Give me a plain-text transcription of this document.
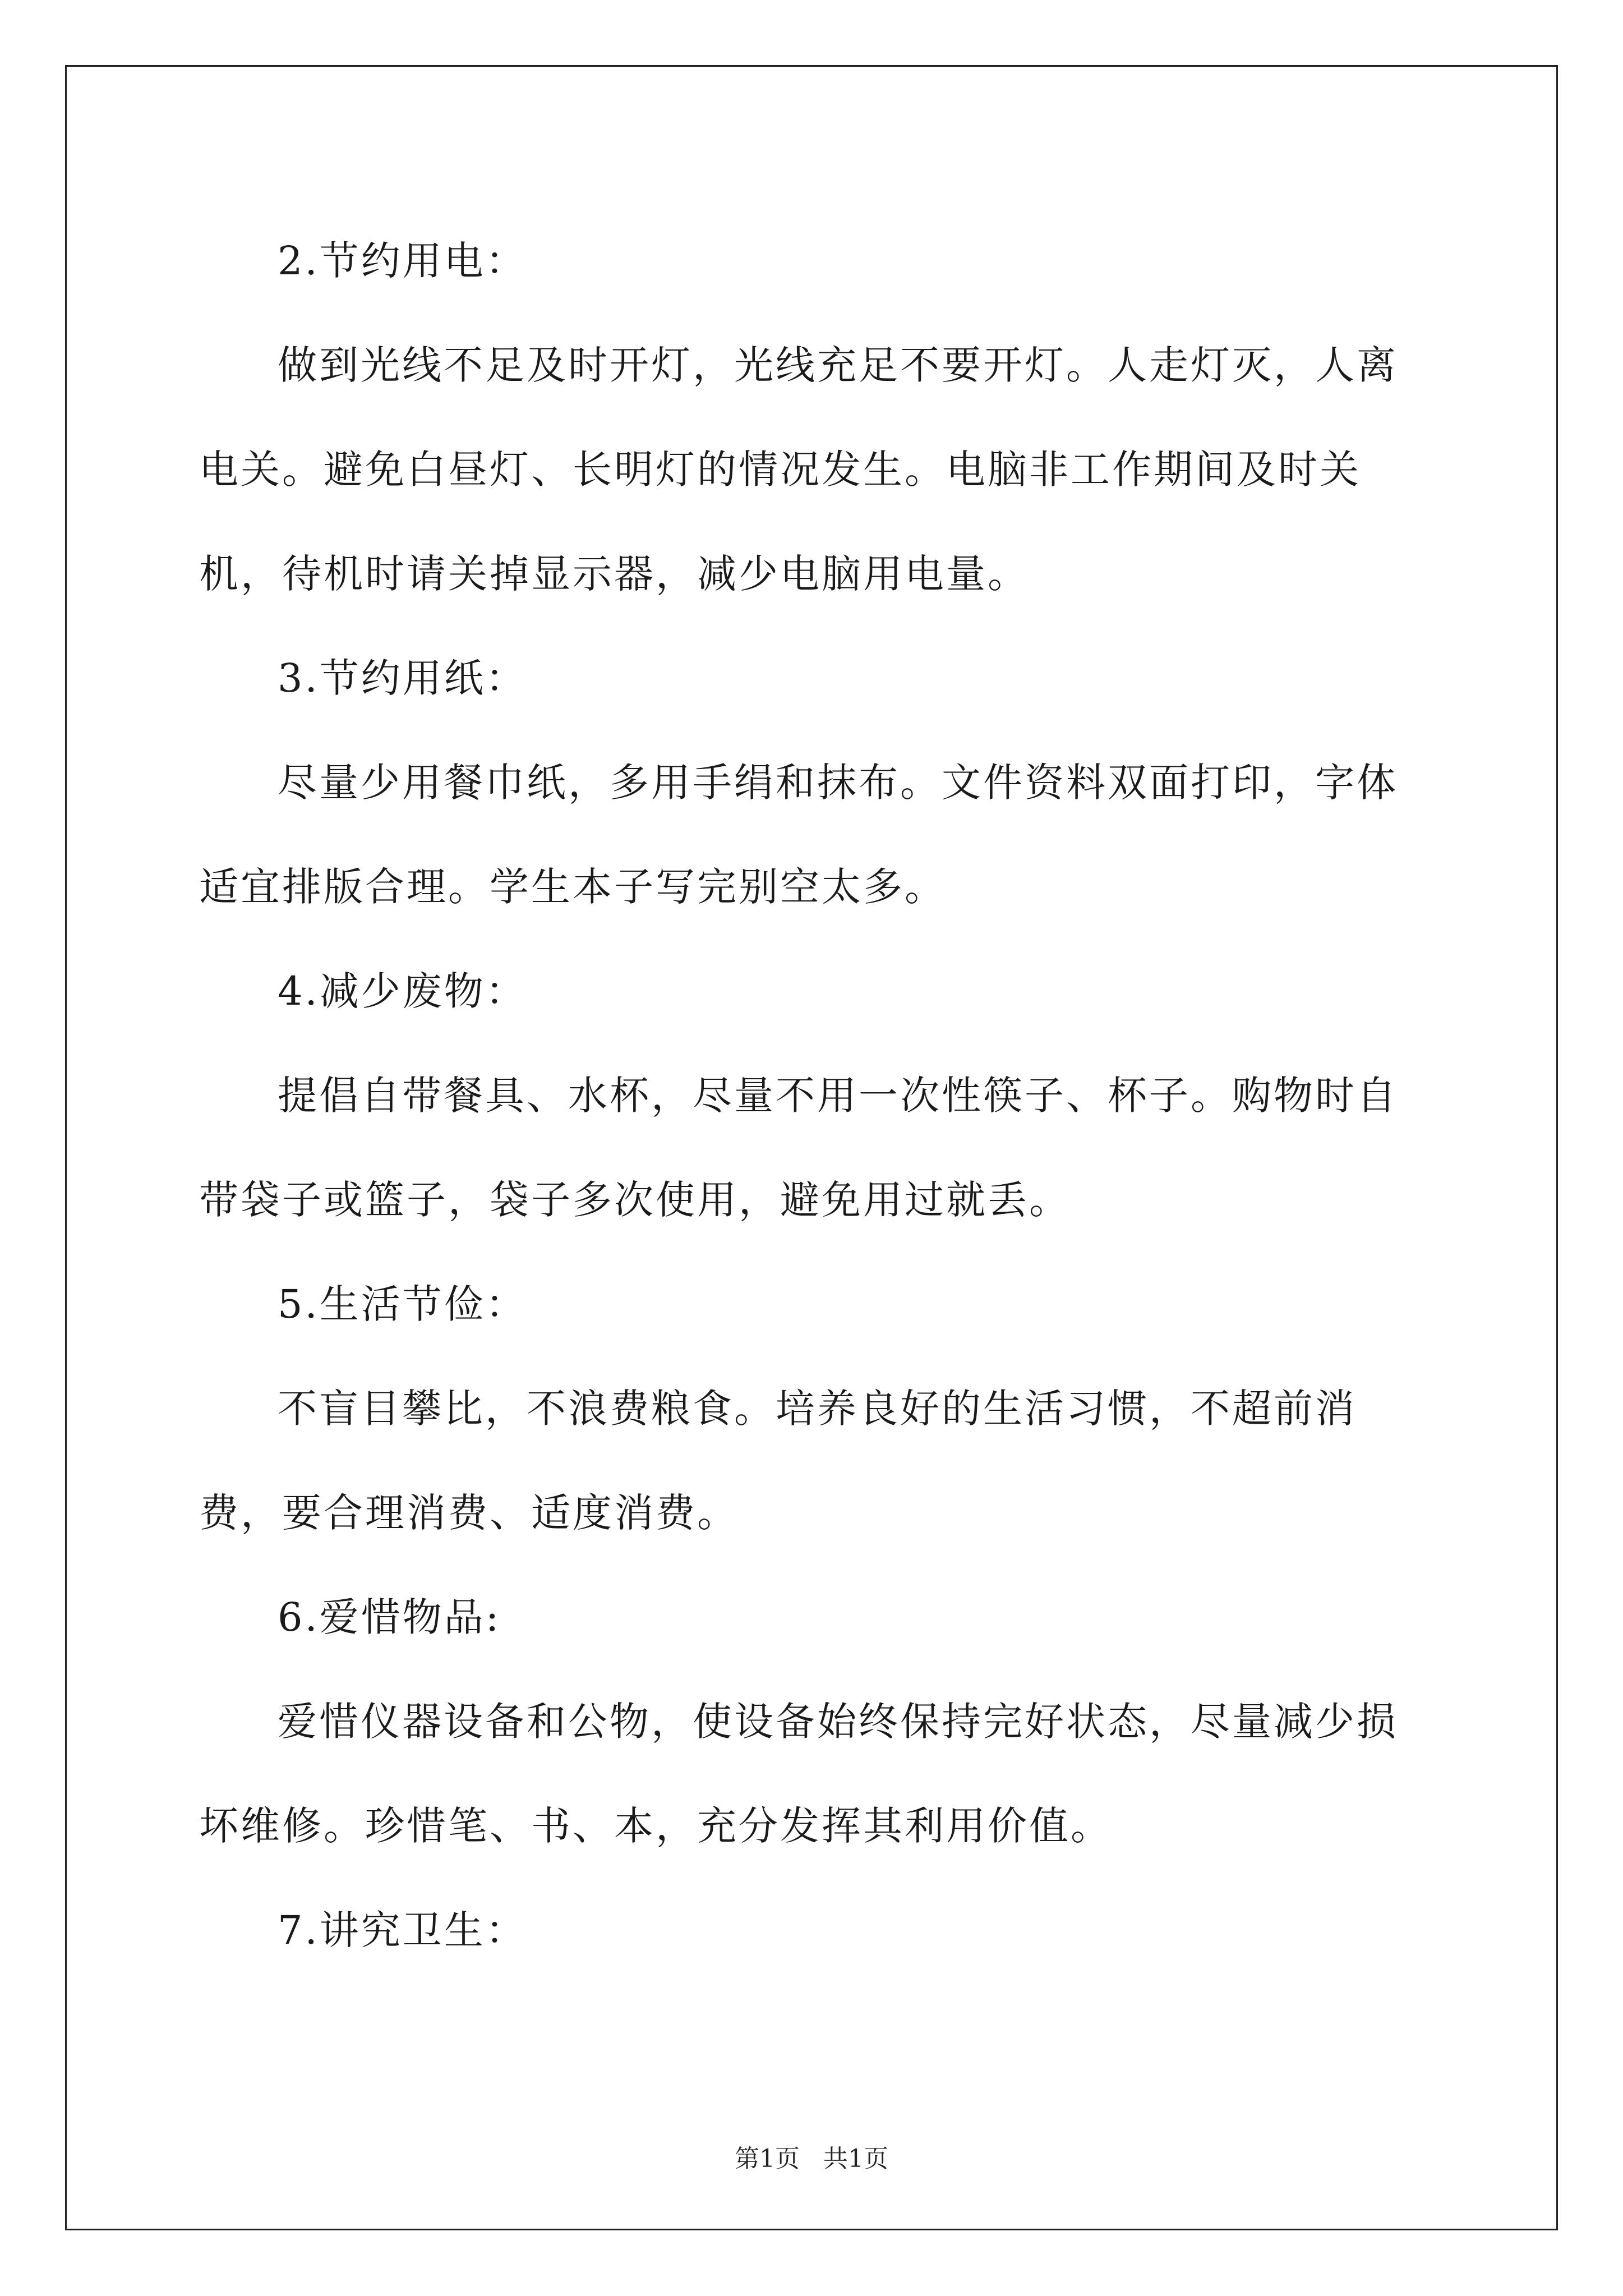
2.节约用电：

做到光线不足及时开灯，光线充足不要开灯。人走灯灭，人离电关。避免白昼灯、长明灯的情况发生。电脑非工作期间及时关机，待机时请关掉显示器，减少电脑用电量。

3.节约用纸：

尽量少用餐巾纸，多用手绢和抹布。文件资料双面打印，字体适宜排版合理。学生本子写完别空太多。

4.减少废物：

提倡自带餐具、水杯，尽量不用一次性筷子、杯子。购物时自带袋子或篮子，袋子多次使用，避免用过就丢。

5.生活节俭：

不盲目攀比，不浪费粮食。培养良好的生活习惯，不超前消费，要合理消费、适度消费。

6.爱惜物品:

爱惜仪器设备和公物，使设备始终保持完好状态，尽量减少损坏维修。珍惜笔、书、本，充分发挥其利用价值。

7.讲究卫生：

第1页   共1页
